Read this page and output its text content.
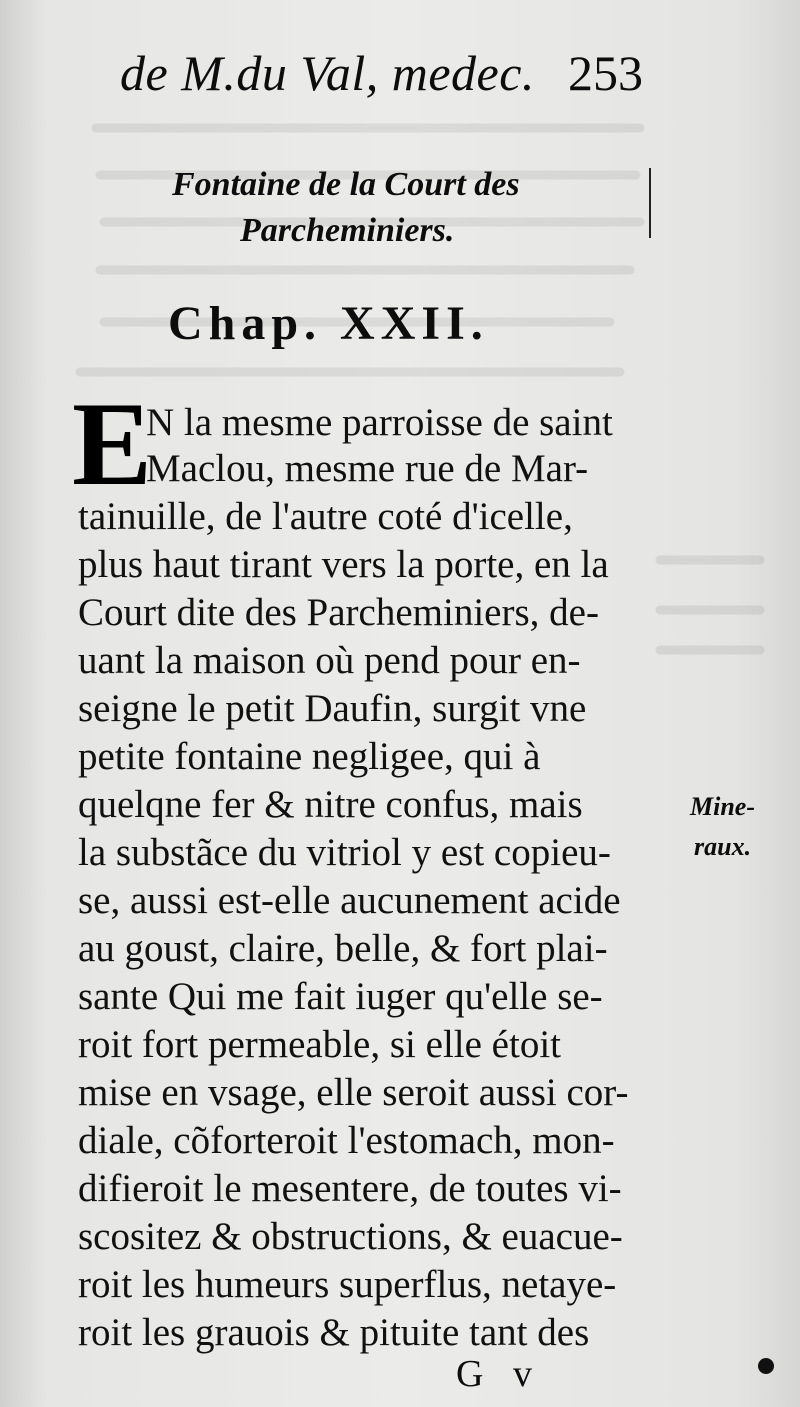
de M.du Val, medec. 253
Fontaine de la Court des
Parcheminiers.
Chap. XXII.
E
N la mesme parroisse de saint
Maclou, mesme rue de Mar-
tainuille, de l'autre coté d'icelle,
plus haut tirant vers la porte, en la
Court dite des Parcheminiers, de-
uant la maison où pend pour en-
seigne le petit Daufin, surgit vne
petite fontaine negligee, qui à
quelqne fer & nitre confus, mais
la substãce du vitriol y est copieu-
se, aussi est-elle aucunement acide
au goust, claire, belle, & fort plai-
sante Qui me fait iuger qu'elle se-
roit fort permeable, si elle étoit
mise en vsage, elle seroit aussi cor-
diale, cõforteroit l'estomach, mon-
difieroit le mesentere, de toutes vi-
scositez & obstructions, & euacue-
roit les humeurs superflus, netaye-
roit les grauois & pituite tant des
Mine-
raux.
G v
